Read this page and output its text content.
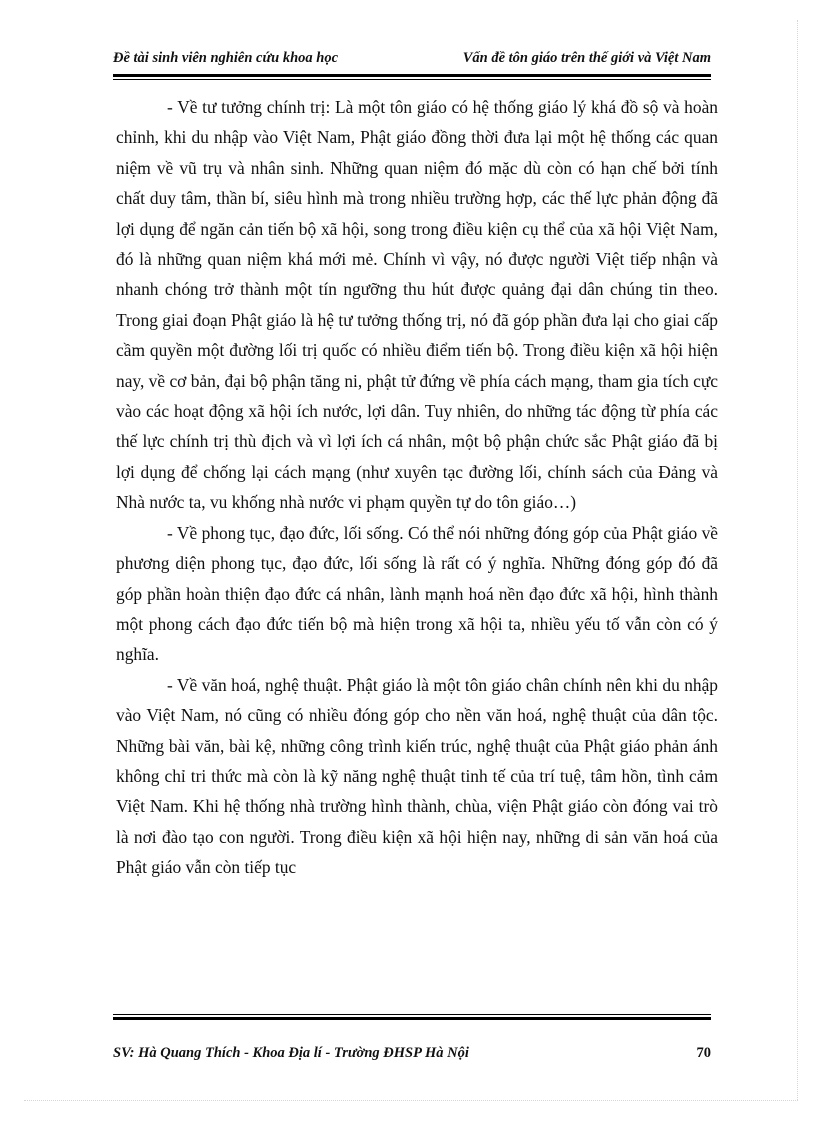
Đề tài sinh viên nghiên cứu khoa học	Vấn đề tôn giáo trên thế giới và Việt Nam

- Về tư tưởng chính trị: Là một tôn giáo có hệ thống giáo lý khá đồ sộ và hoàn chỉnh, khi du nhập vào Việt Nam, Phật giáo đồng thời đưa lại một hệ thống các quan niệm về vũ trụ và nhân sinh. Những quan niệm đó mặc dù còn có hạn chế bởi tính chất duy tâm, thần bí, siêu hình mà trong nhiều trường hợp, các thế lực phản động đã lợi dụng để ngăn cản tiến bộ xã hội, song trong điều kiện cụ thể của xã hội Việt Nam, đó là những quan niệm khá mới mẻ. Chính vì vậy, nó được người Việt tiếp nhận và nhanh chóng trở thành một tín ngưỡng thu hút được quảng đại dân chúng tin theo. Trong giai đoạn Phật giáo là hệ tư tưởng thống trị, nó đã góp phần đưa lại cho giai cấp cầm quyền một đường lối trị quốc có nhiều điểm tiến bộ. Trong điều kiện xã hội hiện nay, về cơ bản, đại bộ phận tăng ni, phật tử đứng về phía cách mạng, tham gia tích cực vào các hoạt động xã hội ích nước, lợi dân. Tuy nhiên, do những tác động từ phía các thế lực chính trị thù địch và vì lợi ích cá nhân, một bộ phận chức sắc Phật giáo đã bị lợi dụng để chống lại cách mạng (như xuyên tạc đường lối, chính sách của Đảng và Nhà nước ta, vu khống nhà nước vi phạm quyền tự do tôn giáo…)

- Về phong tục, đạo đức, lối sống. Có thể nói những đóng góp của Phật giáo về phương diện phong tục, đạo đức, lối sống là rất có ý nghĩa. Những đóng góp đó đã góp phần hoàn thiện đạo đức cá nhân, lành mạnh hoá nền đạo đức xã hội, hình thành một phong cách đạo đức tiến bộ mà hiện trong xã hội ta, nhiều yếu tố vẫn còn có ý nghĩa.

- Về văn hoá, nghệ thuật. Phật giáo là một tôn giáo chân chính nên khi du nhập vào Việt Nam, nó cũng có nhiều đóng góp cho nền văn hoá, nghệ thuật của dân tộc. Những bài văn, bài kệ, những công trình kiến trúc, nghệ thuật của Phật giáo phản ánh không chỉ tri thức mà còn là kỹ năng nghệ thuật tinh tế của trí tuệ, tâm hồn, tình cảm Việt Nam. Khi hệ thống nhà trường hình thành, chùa, viện Phật giáo còn đóng vai trò là nơi đào tạo con người. Trong điều kiện xã hội hiện nay, những di sản văn hoá của Phật giáo vẫn còn tiếp tục

SV: Hà Quang Thích - Khoa Địa lí - Trường ĐHSP Hà Nội	70
